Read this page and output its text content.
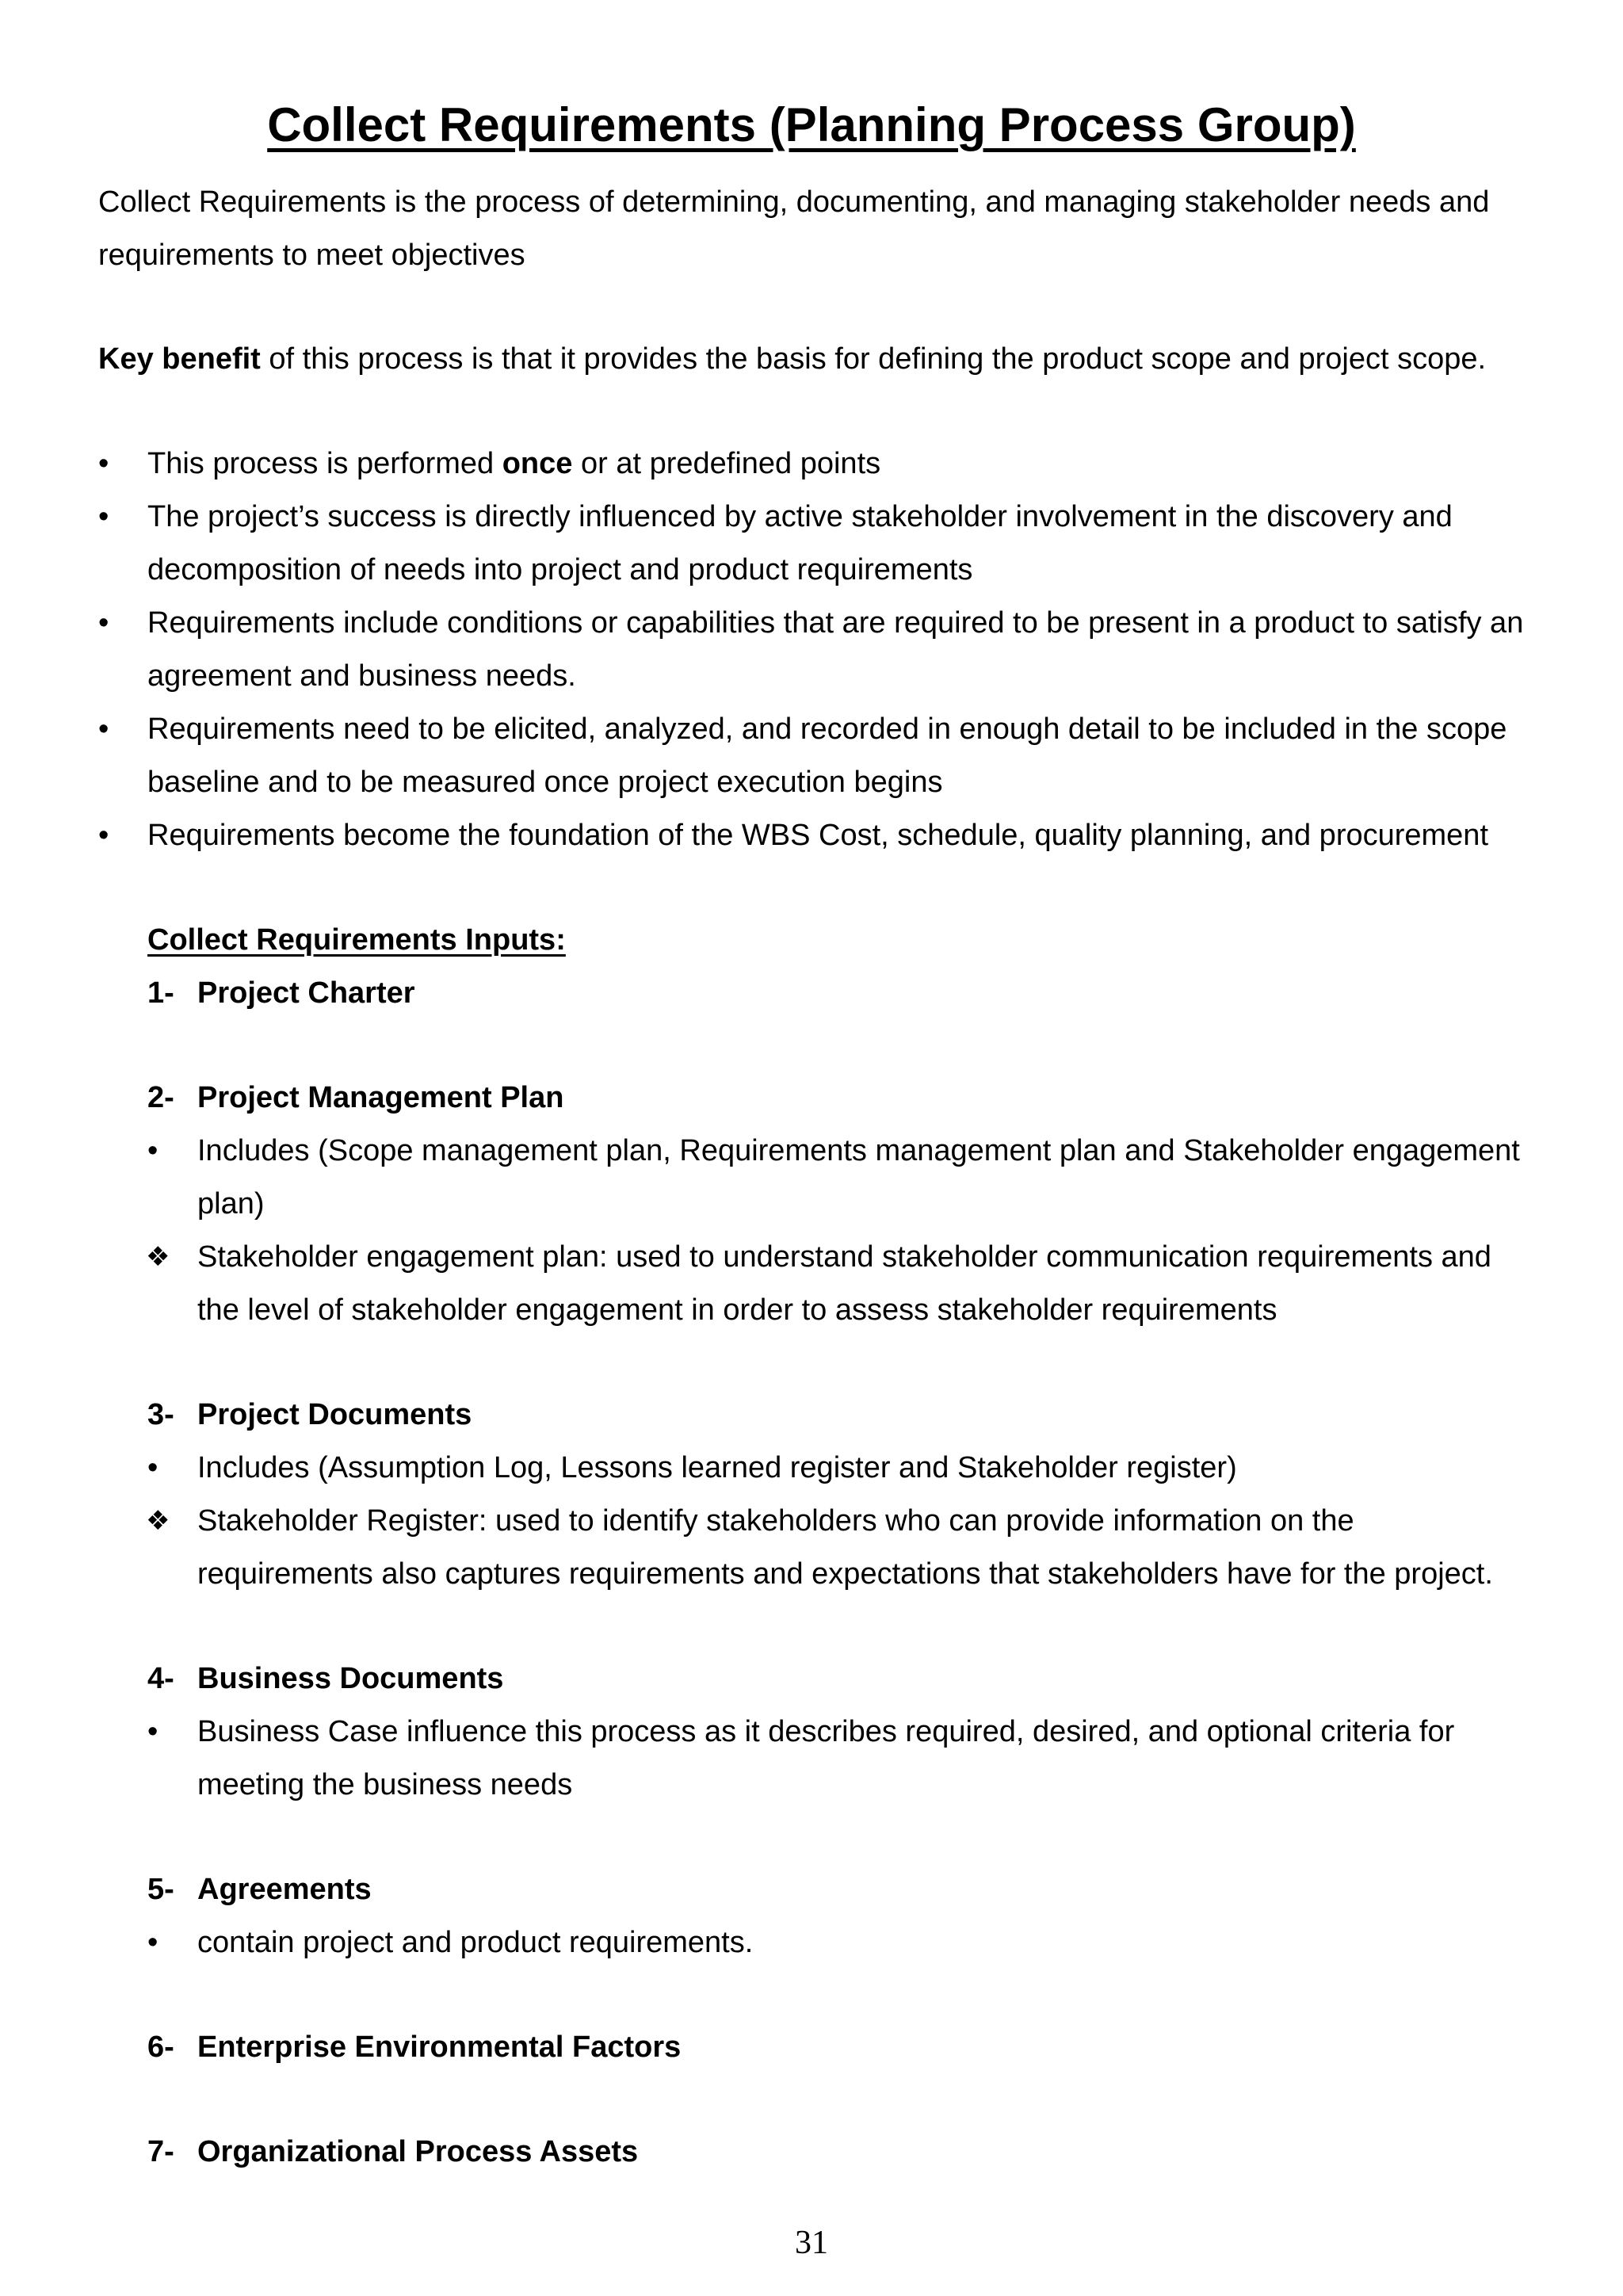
Collect Requirements (Planning Process Group)
Collect Requirements is the process of determining, documenting, and managing stakeholder needs and
requirements to meet objectives
Key benefit of this process is that it provides the basis for defining the product scope and project scope.
• This process is performed once or at predefined points
• The project’s success is directly influenced by active stakeholder involvement in the discovery and
decomposition of needs into project and product requirements
• Requirements include conditions or capabilities that are required to be present in a product to satisfy an
agreement and business needs.
• Requirements need to be elicited, analyzed, and recorded in enough detail to be included in the scope
baseline and to be measured once project execution begins
• Requirements become the foundation of the WBS Cost, schedule, quality planning, and procurement
Collect Requirements Inputs:
1- Project Charter
2- Project Management Plan
• Includes (Scope management plan, Requirements management plan and Stakeholder engagement
plan)
❖ Stakeholder engagement plan: used to understand stakeholder communication requirements and
the level of stakeholder engagement in order to assess stakeholder requirements
3- Project Documents
• Includes (Assumption Log, Lessons learned register and Stakeholder register)
❖ Stakeholder Register: used to identify stakeholders who can provide information on the
requirements also captures requirements and expectations that stakeholders have for the project.
4- Business Documents
• Business Case influence this process as it describes required, desired, and optional criteria for
meeting the business needs
5- Agreements
• contain project and product requirements.
6- Enterprise Environmental Factors
7- Organizational Process Assets
31
